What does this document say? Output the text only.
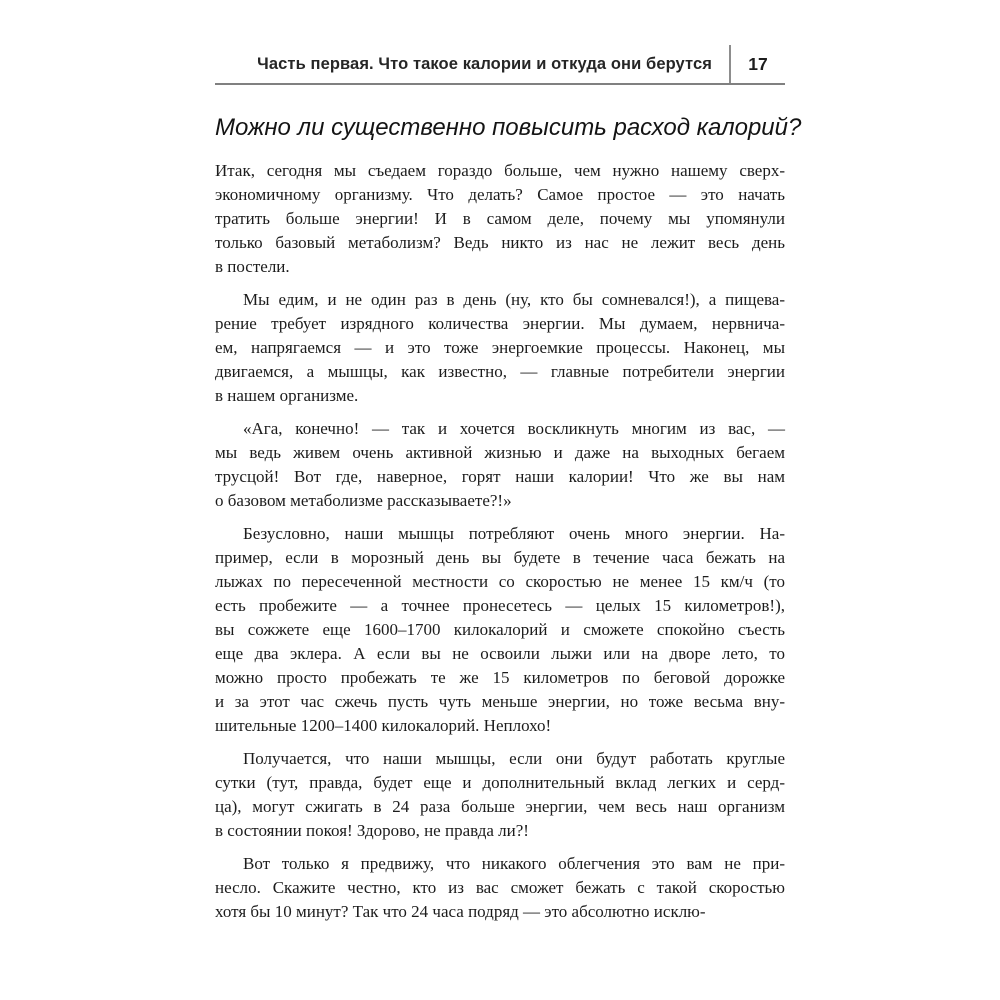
Часть первая. Что такое калории и откуда они берутся	17
Можно ли существенно повысить расход калорий?
Итак, сегодня мы съедаем гораздо больше, чем нужно нашему сверх-
экономичному организму. Что делать? Самое простое — это начать
тратить больше энергии! И в самом деле, почему мы упомянули
только базовый метаболизм? Ведь никто из нас не лежит весь день
в постели.
Мы едим, и не один раз в день (ну, кто бы сомневался!), а пищева-
рение требует изрядного количества энергии. Мы думаем, нервнича-
ем, напрягаемся — и это тоже энергоемкие процессы. Наконец, мы
двигаемся, а мышцы, как известно, — главные потребители энергии
в нашем организме.
«Ага, конечно! — так и хочется воскликнуть многим из вас, —
мы ведь живем очень активной жизнью и даже на выходных бегаем
трусцой! Вот где, наверное, горят наши калории! Что же вы нам
о базовом метаболизме рассказываете?!»
Безусловно, наши мышцы потребляют очень много энергии. На-
пример, если в морозный день вы будете в течение часа бежать на
лыжах по пересеченной местности со скоростью не менее 15 км/ч (то
есть пробежите — а точнее пронесетесь — целых 15 километров!),
вы сожжете еще 1600–1700 килокалорий и сможете спокойно съесть
еще два эклера. А если вы не освоили лыжи или на дворе лето, то
можно просто пробежать те же 15 километров по беговой дорожке
и за этот час сжечь пусть чуть меньше энергии, но тоже весьма вну-
шительные 1200–1400 килокалорий. Неплохо!
Получается, что наши мышцы, если они будут работать круглые
сутки (тут, правда, будет еще и дополнительный вклад легких и серд-
ца), могут сжигать в 24 раза больше энергии, чем весь наш организм
в состоянии покоя! Здорово, не правда ли?!
Вот только я предвижу, что никакого облегчения это вам не при-
несло. Скажите честно, кто из вас сможет бежать с такой скоростью
хотя бы 10 минут? Так что 24 часа подряд — это абсолютно исклю-
